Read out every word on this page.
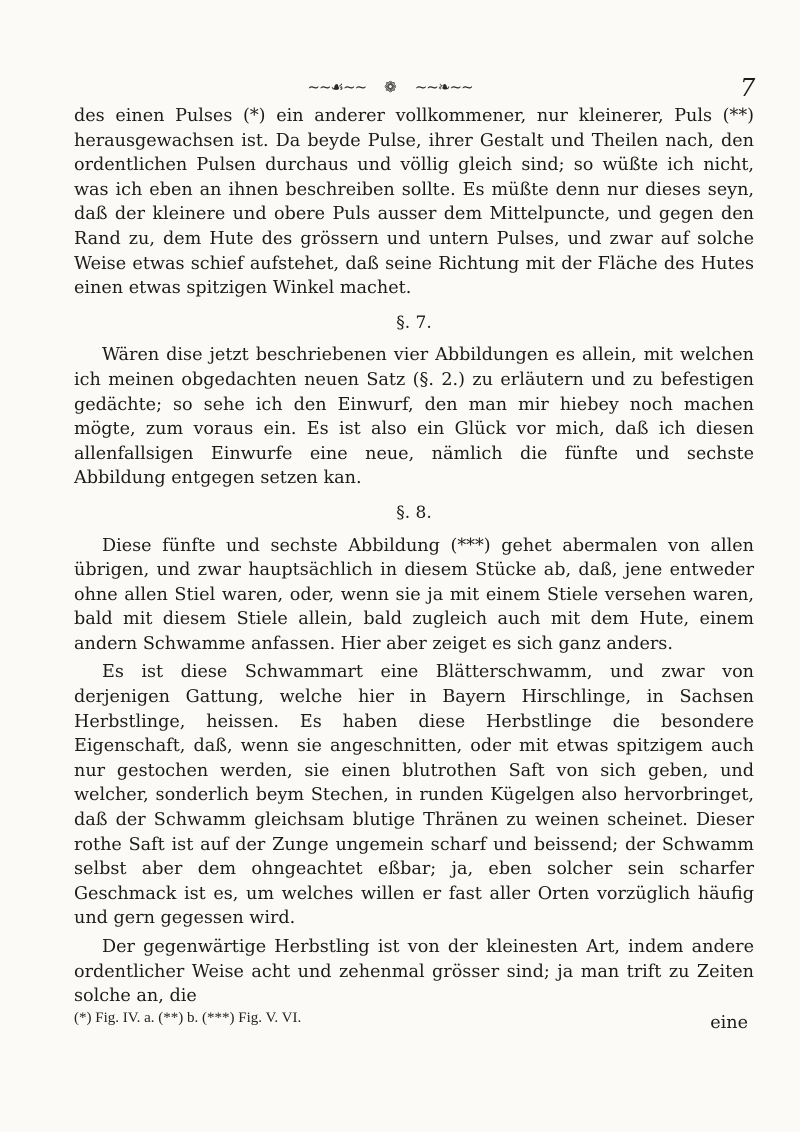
~~☙~~ ❁ ~~❧~~	7

des einen Pulses (*) ein anderer vollkommener, nur kleinerer, Puls (**) herausgewachsen ist. Da beyde Pulse, ihrer Gestalt und Theilen nach, den ordentlichen Pulsen durchaus und völlig gleich sind; so wüßte ich nicht, was ich eben an ihnen beschreiben sollte. Es müßte denn nur dieses seyn, daß der kleinere und obere Puls ausser dem Mittelpuncte, und gegen den Rand zu, dem Hute des grössern und untern Pulses, und zwar auf solche Weise etwas schief aufstehet, daß seine Richtung mit der Fläche des Hutes einen etwas spitzigen Winkel machet.

§. 7.

Wären dise jetzt beschriebenen vier Abbildungen es allein, mit welchen ich meinen obgedachten neuen Satz (§. 2.) zu erläutern und zu befestigen gedächte; so sehe ich den Einwurf, den man mir hiebey noch machen mögte, zum voraus ein. Es ist also ein Glück vor mich, daß ich diesen allenfallsigen Einwurfe eine neue, nämlich die fünfte und sechste Abbildung entgegen setzen kan.

§. 8.

Diese fünfte und sechste Abbildung (***) gehet abermalen von allen übrigen, und zwar hauptsächlich in diesem Stücke ab, daß, jene entweder ohne allen Stiel waren, oder, wenn sie ja mit einem Stiele versehen waren, bald mit diesem Stiele allein, bald zugleich auch mit dem Hute, einem andern Schwamme anfassen. Hier aber zeiget es sich ganz anders.

Es ist diese Schwammart eine Blätterschwamm, und zwar von derjenigen Gattung, welche hier in Bayern Hirschlinge, in Sachsen Herbstlinge, heissen. Es haben diese Herbstlinge die besondere Eigenschaft, daß, wenn sie angeschnitten, oder mit etwas spitzigem auch nur gestochen werden, sie einen blutrothen Saft von sich geben, und welcher, sonderlich beym Stechen, in runden Kügelgen also hervorbringet, daß der Schwamm gleichsam blutige Thränen zu weinen scheinet. Dieser rothe Saft ist auf der Zunge ungemein scharf und beissend; der Schwamm selbst aber dem ohngeachtet eßbar; ja, eben solcher sein scharfer Geschmack ist es, um welches willen er fast aller Orten vorzüglich häufig und gern gegessen wird.

Der gegenwärtige Herbstling ist von der kleinesten Art, indem andere ordentlicher Weise acht und zehenmal grösser sind; ja man trift zu Zeiten solche an, die

eine
(*) Fig. IV. a. (**) b. (***) Fig. V. VI.
